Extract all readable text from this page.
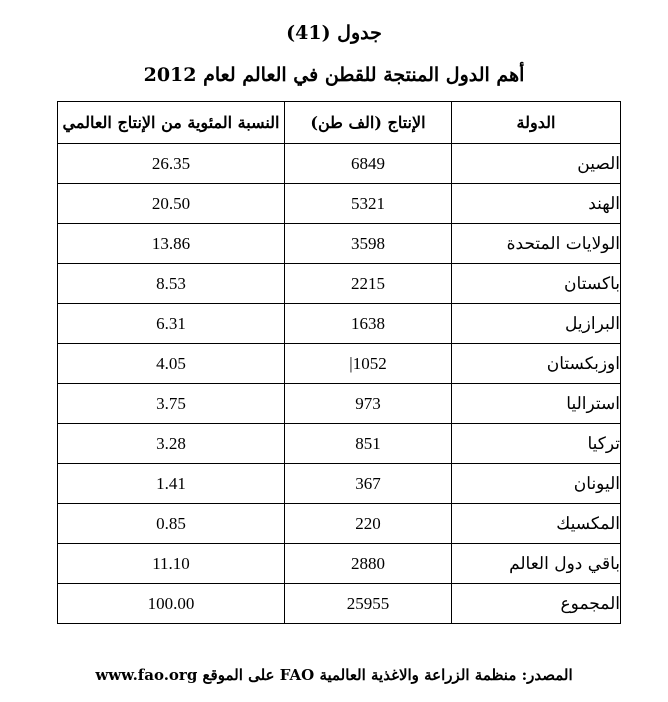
جدول (41)
أهم الدول المنتجة للقطن في العالم لعام 2012
الدولة	الإنتاج (الف طن)	النسبة المئوية من الإنتاج العالمي
الصين	6849	26.35
الهند	5321	20.50
الولايات المتحدة	3598	13.86
باكستان	2215	8.53
البرازيل	1638	6.31
اوزبكستان	1052|	4.05
استراليا	973	3.75
تركيا	851	3.28
اليونان	367	1.41
المكسيك	220	0.85
باقي دول العالم	2880	11.10
المجموع	25955	100.00
المصدر: منظمة الزراعة والاغذية العالمية FAO على الموقع www.fao.org
